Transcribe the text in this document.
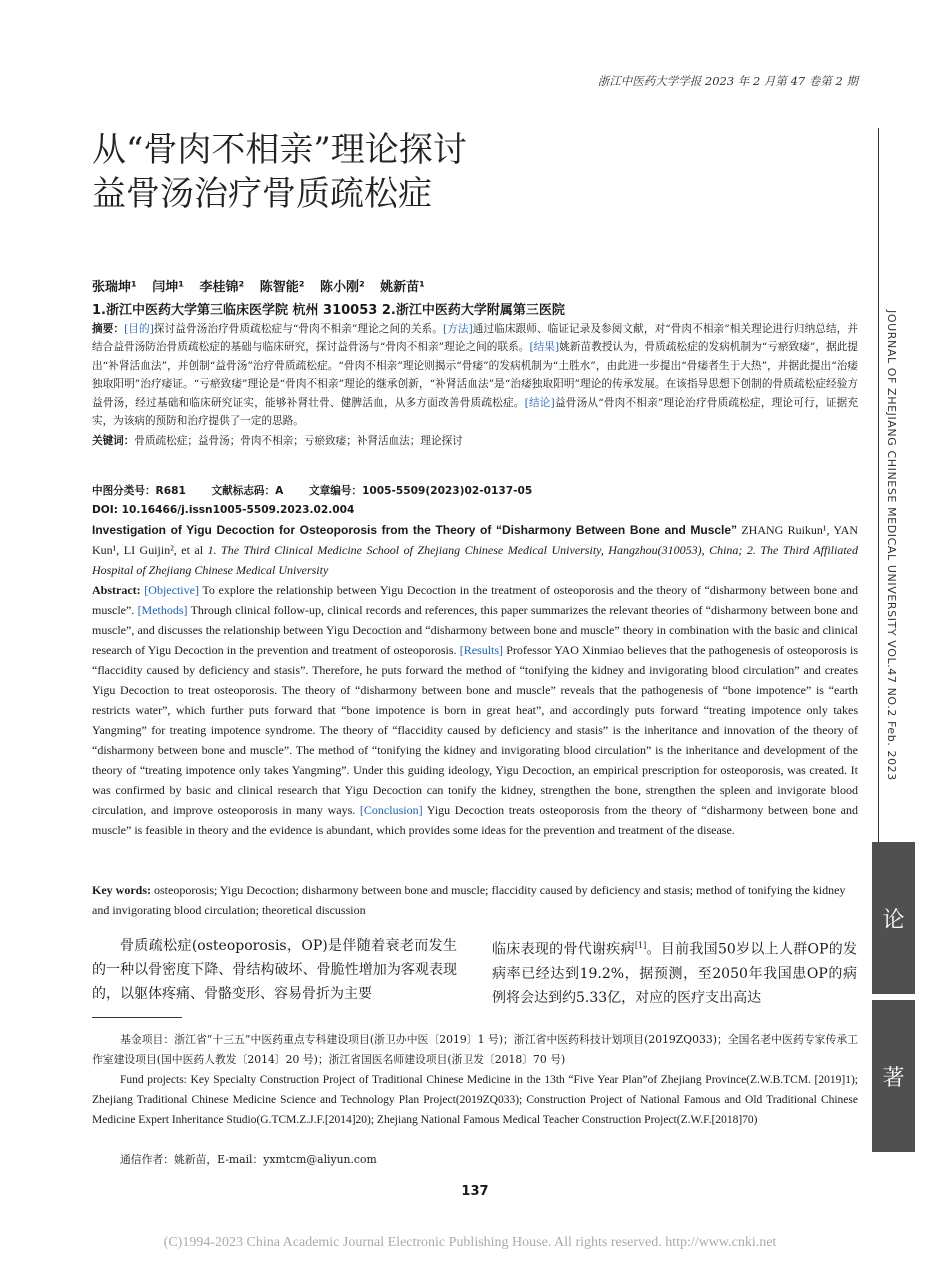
浙江中医药大学学报 2023 年 2 月第 47 卷第 2 期
JOURNAL OF ZHEJIANG CHINESE MEDICAL UNIVERSITY VOL.47 NO.2 Feb. 2023
论
著
从“骨肉不相亲”理论探讨
益骨汤治疗骨质疏松症
张瑞坤¹ 闫坤¹ 李桂锦² 陈智能² 陈小刚² 姚新苗¹
1.浙江中医药大学第三临床医学院 杭州 310053 2.浙江中医药大学附属第三医院
摘要：[目的]探讨益骨汤治疗骨质疏松症与“骨肉不相亲”理论之间的关系。[方法]通过临床跟师、临证记录及参阅文献，对“骨肉不相亲”相关理论进行归纳总结，并结合益骨汤防治骨质疏松症的基础与临床研究，探讨益骨汤与“骨肉不相亲”理论之间的联系。[结果]姚新苗教授认为，骨质疏松症的发病机制为“亏瘀致痿”，据此提出“补肾活血法”，并创制“益骨汤”治疗骨质疏松症。“骨肉不相亲”理论则揭示“骨痿”的发病机制为“土胜水”，由此进一步提出“骨痿者生于大热”，并据此提出“治痿独取阳明”治疗痿证。“亏瘀致痿”理论是“骨肉不相亲”理论的继承创新，“补肾活血法”是“治痿独取阳明”理论的传承发展。在该指导思想下创制的骨质疏松症经验方益骨汤，经过基础和临床研究证实，能够补肾壮骨、健脾活血，从多方面改善骨质疏松症。[结论]益骨汤从“骨肉不相亲”理论治疗骨质疏松症，理论可行，证据充实，为该病的预防和治疗提供了一定的思路。
关键词：骨质疏松症；益骨汤；骨肉不相亲；亏瘀致痿；补肾活血法；理论探讨
中图分类号：R681 文献标志码：A 文章编号：1005-5509(2023)02-0137-05
DOI: 10.16466/j.issn1005-5509.2023.02.004
Investigation of Yigu Decoction for Osteoporosis from the Theory of “Disharmony Between Bone and Muscle” ZHANG Ruikun¹, YAN Kun¹, LI Guijin², et al 1. The Third Clinical Medicine School of Zhejiang Chinese Medical University, Hangzhou(310053), China; 2. The Third Affiliated Hospital of Zhejiang Chinese Medical University
Abstract: [Objective] To explore the relationship between Yigu Decoction in the treatment of osteoporosis and the theory of “disharmony between bone and muscle”. [Methods] Through clinical follow-up, clinical records and references, this paper summarizes the relevant theories of “disharmony between bone and muscle”, and discusses the relationship between Yigu Decoction and “disharmony between bone and muscle” theory in combination with the basic and clinical research of Yigu Decoction in the prevention and treatment of osteoporosis. [Results] Professor YAO Xinmiao believes that the pathogenesis of osteoporosis is “flaccidity caused by deficiency and stasis”. Therefore, he puts forward the method of “tonifying the kidney and invigorating blood circulation” and creates Yigu Decoction to treat osteoporosis. The theory of “disharmony between bone and muscle” reveals that the pathogenesis of “bone impotence” is “earth restricts water”, which further puts forward that “bone impotence is born in great heat”, and accordingly puts forward “treating impotence only takes Yangming” for treating impotence syndrome. The theory of “flaccidity caused by deficiency and stasis” is the inheritance and innovation of the theory of “disharmony between bone and muscle”. The method of “tonifying the kidney and invigorating blood circulation” is the inheritance and development of the theory of “treating impotence only takes Yangming”. Under this guiding ideology, Yigu Decoction, an empirical prescription for osteoporosis, was created. It was confirmed by basic and clinical research that Yigu Decoction can tonify the kidney, strengthen the bone, strengthen the spleen and invigorate blood circulation, and improve osteoporosis in many ways. [Conclusion] Yigu Decoction treats osteoporosis from the theory of “disharmony between bone and muscle” is feasible in theory and the evidence is abundant, which provides some ideas for the prevention and treatment of the disease.
Key words: osteoporosis; Yigu Decoction; disharmony between bone and muscle; flaccidity caused by deficiency and stasis; method of tonifying the kidney and invigorating blood circulation; theoretical discussion
骨质疏松症(osteoporosis，OP)是伴随着衰老而发生的一种以骨密度下降、骨结构破坏、骨脆性增加为客观表现的，以躯体疼痛、骨骼变形、容易骨折为主要
临床表现的骨代谢疾病[1]。目前我国50岁以上人群OP的发病率已经达到19.2%，据预测，至2050年我国患OP的病例将会达到约5.33亿，对应的医疗支出高达
基金项目：浙江省“十三五”中医药重点专科建设项目(浙卫办中医〔2019〕1 号)；浙江省中医药科技计划项目(2019ZQ033)；全国名老中医药专家传承工作室建设项目(国中医药人教发〔2014〕20 号)；浙江省国医名师建设项目(浙卫发〔2018〕70 号)
Fund projects: Key Specialty Construction Project of Traditional Chinese Medicine in the 13th “Five Year Plan”of Zhejiang Province(Z.W.B.TCM. [2019]1); Zhejiang Traditional Chinese Medicine Science and Technology Plan Project(2019ZQ033); Construction Project of National Famous and Old Traditional Chinese Medicine Expert Inheritance Studio(G.TCM.Z.J.F.[2014]20); Zhejiang National Famous Medical Teacher Construction Project(Z.W.F.[2018]70)
通信作者：姚新苗，E-mail：yxmtcm@aliyun.com
137
(C)1994-2023 China Academic Journal Electronic Publishing House. All rights reserved. http://www.cnki.net
